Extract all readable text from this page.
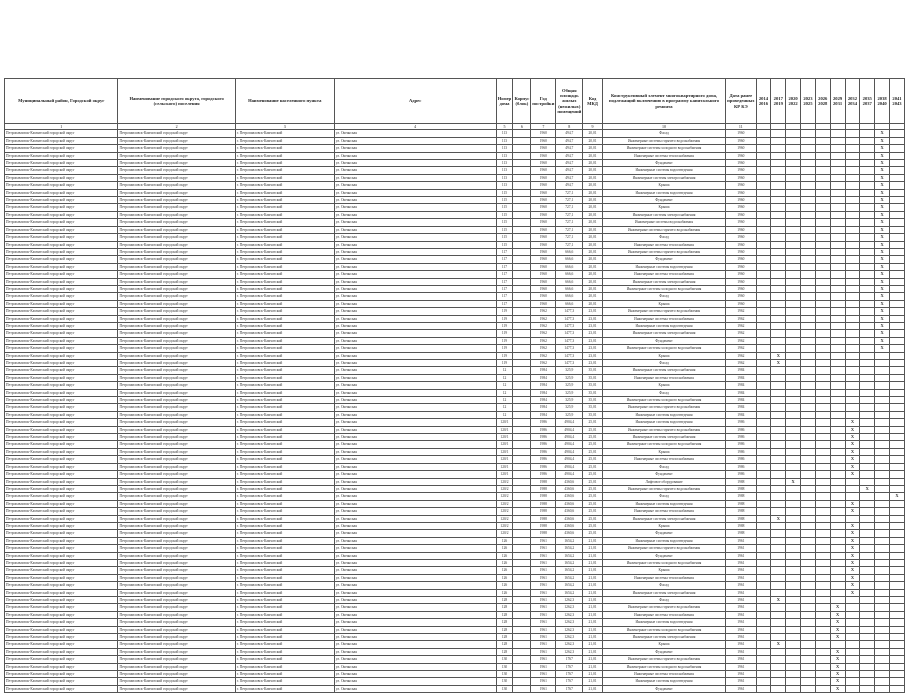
Муниципальный район, Городской округ	Наименование городского округа, городского (сельского) поселения	Наименование населенного пункта	Адрес	Номер дома	Корпус (блок)	Год постройки	Общая площадь жилых (нежилых) помещений	Код МКД	Конструктивный элемент многоквартирного дома, подлежащий включению в программу капитального ремонта	Дата ранее проведенных КР КЭ	2014 2016	2017 2019	2020 2022	2023 2025	2026 2028	2029 2031	2032 2034	2035 2037	2038 2040	2041 2043
1	2	3	4	5	6	7	8	9	10	11										
Петропавловск-Камчатский городской округ	Петропавловск-Камчатский городской округ	г. Петропавловск-Камчатский	ул. Океанская	113		1960	494,7	20,01	Фасад	1960									X	
Петропавловск-Камчатский городской округ	Петропавловск-Камчатский городской округ	г. Петропавловск-Камчатский	ул. Океанская	113		1960	494,7	20,01	Инженерные системы горячего водоснабжения	1960									X	
Петропавловск-Камчатский городской округ	Петропавловск-Камчатский городской округ	г. Петропавловск-Камчатский	ул. Океанская	113		1960	494,7	20,01	Инженерные системы холодного водоснабжения	1960									X	
Петропавловск-Камчатский городской округ	Петропавловск-Камчатский городской округ	г. Петропавловск-Камчатский	ул. Океанская	113		1960	494,7	20,01	Инженерные системы теплоснабжения	1960									X	
Петропавловск-Камчатский городской округ	Петропавловск-Камчатский городской округ	г. Петропавловск-Камчатский	ул. Океанская	113		1960	494,7	20,01	Фундамент	1960									X	
Петропавловск-Камчатский городской округ	Петропавловск-Камчатский городской округ	г. Петропавловск-Камчатский	ул. Океанская	113		1960	494,7	20,01	Инженерные системы водоотведения	1960									X	
Петропавловск-Камчатский городской округ	Петропавловск-Камчатский городской округ	г. Петропавловск-Камчатский	ул. Океанская	113		1960	494,7	20,01	Инженерные системы электроснабжения	1960									X	
Петропавловск-Камчатский городской округ	Петропавловск-Камчатский городской округ	г. Петропавловск-Камчатский	ул. Океанская	113		1960	494,7	20,01	Крыша	1960									X	
Петропавловск-Камчатский городской округ	Петропавловск-Камчатский городской округ	г. Петропавловск-Камчатский	ул. Океанская	115		1960	727,1	20,01	Инженерные системы водоотведения	1960									X	
Петропавловск-Камчатский городской округ	Петропавловск-Камчатский городской округ	г. Петропавловск-Камчатский	ул. Океанская	115		1960	727,1	20,01	Фундамент	1960									X	
Петропавловск-Камчатский городской округ	Петропавловск-Камчатский городской округ	г. Петропавловск-Камчатский	ул. Океанская	115		1960	727,1	20,01	Крыша	1960									X	
Петропавловск-Камчатский городской округ	Петропавловск-Камчатский городской округ	г. Петропавловск-Камчатский	ул. Океанская	115		1960	727,1	20,01	Инженерные системы электроснабжения	1960									X	
Петропавловск-Камчатский городской округ	Петропавловск-Камчатский городской округ	г. Петропавловск-Камчатский	ул. Океанская	115		1960	727,1	20,01	Инженерные системы водоснабжения	1960									X	
Петропавловск-Камчатский городской округ	Петропавловск-Камчатский городской округ	г. Петропавловск-Камчатский	ул. Океанская	115		1960	727,1	20,01	Инженерные системы горячего водоснабжения	1960									X	
Петропавловск-Камчатский городской округ	Петропавловск-Камчатский городской округ	г. Петропавловск-Камчатский	ул. Океанская	115		1960	727,1	20,01	Фасад	1960									X	
Петропавловск-Камчатский городской округ	Петропавловск-Камчатский городской округ	г. Петропавловск-Камчатский	ул. Океанская	115		1960	727,1	20,01	Инженерные системы теплоснабжения	1960									X	
Петропавловск-Камчатский городской округ	Петропавловск-Камчатский городской округ	г. Петропавловск-Камчатский	ул. Океанская	117		1960	666,6	20,01	Инженерные системы горячего водоснабжения	1960									X	
Петропавловск-Камчатский городской округ	Петропавловск-Камчатский городской округ	г. Петропавловск-Камчатский	ул. Океанская	117		1960	666,6	20,01	Фундамент	1960									X	
Петропавловск-Камчатский городской округ	Петропавловск-Камчатский городской округ	г. Петропавловск-Камчатский	ул. Океанская	117		1960	666,6	20,01	Инженерные системы водоотведения	1960									X	
Петропавловск-Камчатский городской округ	Петропавловск-Камчатский городской округ	г. Петропавловск-Камчатский	ул. Океанская	117		1960	666,6	20,01	Инженерные системы теплоснабжения	1960									X	
Петропавловск-Камчатский городской округ	Петропавловск-Камчатский городской округ	г. Петропавловск-Камчатский	ул. Океанская	117		1960	666,6	20,01	Инженерные системы электроснабжения	1960									X	
Петропавловск-Камчатский городской округ	Петропавловск-Камчатский городской округ	г. Петропавловск-Камчатский	ул. Океанская	117		1960	666,6	20,01	Инженерные системы холодного водоснабжения	1960									X	
Петропавловск-Камчатский городской округ	Петропавловск-Камчатский городской округ	г. Петропавловск-Камчатский	ул. Океанская	117		1960	666,6	20,01	Фасад	1960									X	
Петропавловск-Камчатский городской округ	Петропавловск-Камчатский городской округ	г. Петропавловск-Камчатский	ул. Океанская	117		1960	666,6	20,01	Крыша	1960									X	
Петропавловск-Камчатский городской округ	Петропавловск-Камчатский городской округ	г. Петропавловск-Камчатский	ул. Океанская	119		1962	1477,3	23,01	Инженерные системы горячего водоснабжения	1962									X	
Петропавловск-Камчатский городской округ	Петропавловск-Камчатский городской округ	г. Петропавловск-Камчатский	ул. Океанская	119		1962	1477,3	23,01	Инженерные системы теплоснабжения	1962									X	
Петропавловск-Камчатский городской округ	Петропавловск-Камчатский городской округ	г. Петропавловск-Камчатский	ул. Океанская	119		1962	1477,3	23,01	Инженерные системы водоотведения	1962									X	
Петропавловск-Камчатский городской округ	Петропавловск-Камчатский городской округ	г. Петропавловск-Камчатский	ул. Океанская	119		1962	1477,3	23,01	Инженерные системы электроснабжения	1962									X	
Петропавловск-Камчатский городской округ	Петропавловск-Камчатский городской округ	г. Петропавловск-Камчатский	ул. Океанская	119		1962	1477,3	23,01	Фундамент	1962									X	
Петропавловск-Камчатский городской округ	Петропавловск-Камчатский городской округ	г. Петропавловск-Камчатский	ул. Океанская	119		1962	1477,3	23,01	Инженерные системы холодного водоснабжения	1962									X	
Петропавловск-Камчатский городской округ	Петропавловск-Камчатский городской округ	г. Петропавловск-Камчатский	ул. Океанская	119		1962	1477,3	23,01	Крыша	1962		X								
Петропавловск-Камчатский городской округ	Петропавловск-Камчатский городской округ	г. Петропавловск-Камчатский	ул. Океанская	119		1962	1477,3	23,01	Фасад	1962		X								
Петропавловск-Камчатский городской округ	Петропавловск-Камчатский городской округ	г. Петропавловск-Камчатский	ул. Океанская	12		1984	325,9	35,01	Инженерные системы электроснабжения	1984										
Петропавловск-Камчатский городской округ	Петропавловск-Камчатский городской округ	г. Петропавловск-Камчатский	ул. Океанская	12		1984	325,9	35,01	Инженерные системы теплоснабжения	1984										
Петропавловск-Камчатский городской округ	Петропавловск-Камчатский городской округ	г. Петропавловск-Камчатский	ул. Океанская	12		1984	325,9	35,01	Крыша	1984										
Петропавловск-Камчатский городской округ	Петропавловск-Камчатский городской округ	г. Петропавловск-Камчатский	ул. Океанская	12		1984	325,9	35,01	Фасад	1984										
Петропавловск-Камчатский городской округ	Петропавловск-Камчатский городской округ	г. Петропавловск-Камчатский	ул. Океанская	12		1984	325,9	35,01	Инженерные системы холодного водоснабжения	1984										
Петропавловск-Камчатский городской округ	Петропавловск-Камчатский городской округ	г. Петропавловск-Камчатский	ул. Океанская	12		1984	325,9	35,01	Инженерные системы горячего водоснабжения	1984										
Петропавловск-Камчатский городской округ	Петропавловск-Камчатский городской округ	г. Петропавловск-Камчатский	ул. Океанская	12		1984	325,9	35,01	Инженерные системы водоотведения	1984										
Петропавловск-Камчатский городской округ	Петропавловск-Камчатский городской округ	г. Петропавловск-Камчатский	ул. Океанская	120/1		1986	4904,4	25,01	Инженерные системы водоотведения	1986							X			
Петропавловск-Камчатский городской округ	Петропавловск-Камчатский городской округ	г. Петропавловск-Камчатский	ул. Океанская	120/1		1986	4904,4	25,01	Инженерные системы горячего водоснабжения	1986							X			
Петропавловск-Камчатский городской округ	Петропавловск-Камчатский городской округ	г. Петропавловск-Камчатский	ул. Океанская	120/1		1986	4904,4	25,01	Инженерные системы электроснабжения	1986							X			
Петропавловск-Камчатский городской округ	Петропавловск-Камчатский городской округ	г. Петропавловск-Камчатский	ул. Океанская	120/1		1986	4904,4	25,01	Инженерные системы холодного водоснабжения	1986							X			
Петропавловск-Камчатский городской округ	Петропавловск-Камчатский городской округ	г. Петропавловск-Камчатский	ул. Океанская	120/1		1986	4904,4	25,01	Крыша	1986							X			
Петропавловск-Камчатский городской округ	Петропавловск-Камчатский городской округ	г. Петропавловск-Камчатский	ул. Океанская	120/1		1986	4904,4	25,01	Инженерные системы теплоснабжения	1986							X			
Петропавловск-Камчатский городской округ	Петропавловск-Камчатский городской округ	г. Петропавловск-Камчатский	ул. Океанская	120/1		1986	4904,4	25,01	Фасад	1986							X			
Петропавловск-Камчатский городской округ	Петропавловск-Камчатский городской округ	г. Петропавловск-Камчатский	ул. Океанская	120/1		1986	4904,4	25,01	Фундамент	1986							X			
Петропавловск-Камчатский городской округ	Петропавловск-Камчатский городской округ	г. Петропавловск-Камчатский	ул. Океанская	120/2		1988	4360,6	25,01	Лифтовое оборудование	1988			X							
Петропавловск-Камчатский городской округ	Петропавловск-Камчатский городской округ	г. Петропавловск-Камчатский	ул. Океанская	120/2		1988	4360,6	25,01	Инженерные системы горячего водоснабжения	1988								X		
Петропавловск-Камчатский городской округ	Петропавловск-Камчатский городской округ	г. Петропавловск-Камчатский	ул. Океанская	120/2		1988	4360,6	25,01	Фасад	1988										X
Петропавловск-Камчатский городской округ	Петропавловск-Камчатский городской округ	г. Петропавловск-Камчатский	ул. Океанская	120/2		1988	4360,6	25,01	Инженерные системы водоотведения	1988							X			
Петропавловск-Камчатский городской округ	Петропавловск-Камчатский городской округ	г. Петропавловск-Камчатский	ул. Океанская	120/2		1988	4360,6	25,01	Инженерные системы теплоснабжения	1988							X			
Петропавловск-Камчатский городской округ	Петропавловск-Камчатский городской округ	г. Петропавловск-Камчатский	ул. Океанская	120/2		1988	4360,6	25,01	Инженерные системы электроснабжения	1988		X								
Петропавловск-Камчатский городской округ	Петропавловск-Камчатский городской округ	г. Петропавловск-Камчатский	ул. Океанская	120/2		1988	4360,6	25,01	Крыша	1988							X			
Петропавловск-Камчатский городской округ	Петропавловск-Камчатский городской округ	г. Петропавловск-Камчатский	ул. Океанская	120/2		1988	4360,6	25,01	Фундамент	1988							X			
Петропавловск-Камчатский городской округ	Петропавловск-Камчатский городской округ	г. Петропавловск-Камчатский	ул. Океанская	126		1961	1654,2	21,01	Инженерные системы водоотведения	1961							X			
Петропавловск-Камчатский городской округ	Петропавловск-Камчатский городской округ	г. Петропавловск-Камчатский	ул. Океанская	126		1961	1654,2	21,01	Инженерные системы горячего водоснабжения	1961							X			
Петропавловск-Камчатский городской округ	Петропавловск-Камчатский городской округ	г. Петропавловск-Камчатский	ул. Океанская	126		1961	1654,2	21,01	Фундамент	1961							X			
Петропавловск-Камчатский городской округ	Петропавловск-Камчатский городской округ	г. Петропавловск-Камчатский	ул. Океанская	126		1961	1654,2	21,01	Инженерные системы холодного водоснабжения	1961							X			
Петропавловск-Камчатский городской округ	Петропавловск-Камчатский городской округ	г. Петропавловск-Камчатский	ул. Океанская	126		1961	1654,2	21,01	Крыша	1961							X			
Петропавловск-Камчатский городской округ	Петропавловск-Камчатский городской округ	г. Петропавловск-Камчатский	ул. Океанская	126		1961	1654,2	21,01	Инженерные системы теплоснабжения	1961							X			
Петропавловск-Камчатский городской округ	Петропавловск-Камчатский городской округ	г. Петропавловск-Камчатский	ул. Океанская	126		1961	1654,2	21,01	Фасад	1961							X			
Петропавловск-Камчатский городской округ	Петропавловск-Камчатский городской округ	г. Петропавловск-Камчатский	ул. Океанская	126		1961	1654,2	21,01	Инженерные системы электроснабжения	1961							X			
Петропавловск-Камчатский городской округ	Петропавловск-Камчатский городской округ	г. Петропавловск-Камчатский	ул. Океанская	128		1961	1262,3	21,01	Фасад	1961		X								
Петропавловск-Камчатский городской округ	Петропавловск-Камчатский городской округ	г. Петропавловск-Камчатский	ул. Океанская	128		1961	1262,3	21,01	Инженерные системы горячего водоснабжения	1961						X				
Петропавловск-Камчатский городской округ	Петропавловск-Камчатский городской округ	г. Петропавловск-Камчатский	ул. Океанская	128		1961	1262,3	21,01	Инженерные системы теплоснабжения	1961						X				
Петропавловск-Камчатский городской округ	Петропавловск-Камчатский городской округ	г. Петропавловск-Камчатский	ул. Океанская	128		1961	1262,3	21,01	Инженерные системы водоотведения	1961						X				
Петропавловск-Камчатский городской округ	Петропавловск-Камчатский городской округ	г. Петропавловск-Камчатский	ул. Океанская	128		1961	1262,3	21,01	Инженерные системы холодного водоснабжения	1961						X				
Петропавловск-Камчатский городской округ	Петропавловск-Камчатский городской округ	г. Петропавловск-Камчатский	ул. Океанская	128		1961	1262,3	21,01	Инженерные системы электроснабжения	1961						X				
Петропавловск-Камчатский городской округ	Петропавловск-Камчатский городской округ	г. Петропавловск-Камчатский	ул. Океанская	128		1961	1262,3	21,01	Крыша	1961		X								
Петропавловск-Камчатский городской округ	Петропавловск-Камчатский городской округ	г. Петропавловск-Камчатский	ул. Океанская	128		1961	1262,3	21,01	Фундамент	1961						X				
Петропавловск-Камчатский городской округ	Петропавловск-Камчатский городской округ	г. Петропавловск-Камчатский	ул. Океанская	130		1961	1767	21,01	Инженерные системы горячего водоснабжения	1961						X				
Петропавловск-Камчатский городской округ	Петропавловск-Камчатский городской округ	г. Петропавловск-Камчатский	ул. Океанская	130		1961	1767	21,01	Инженерные системы холодного водоснабжения	1961						X				
Петропавловск-Камчатский городской округ	Петропавловск-Камчатский городской округ	г. Петропавловск-Камчатский	ул. Океанская	130		1961	1767	21,01	Инженерные системы теплоснабжения	1961						X				
Петропавловск-Камчатский городской округ	Петропавловск-Камчатский городской округ	г. Петропавловск-Камчатский	ул. Океанская	130		1961	1767	21,01	Инженерные системы водоотведения	1961						X				
Петропавловск-Камчатский городской округ	Петропавловск-Камчатский городской округ	г. Петропавловск-Камчатский	ул. Океанская	130		1961	1767	21,01	Фундамент	1961						X				
